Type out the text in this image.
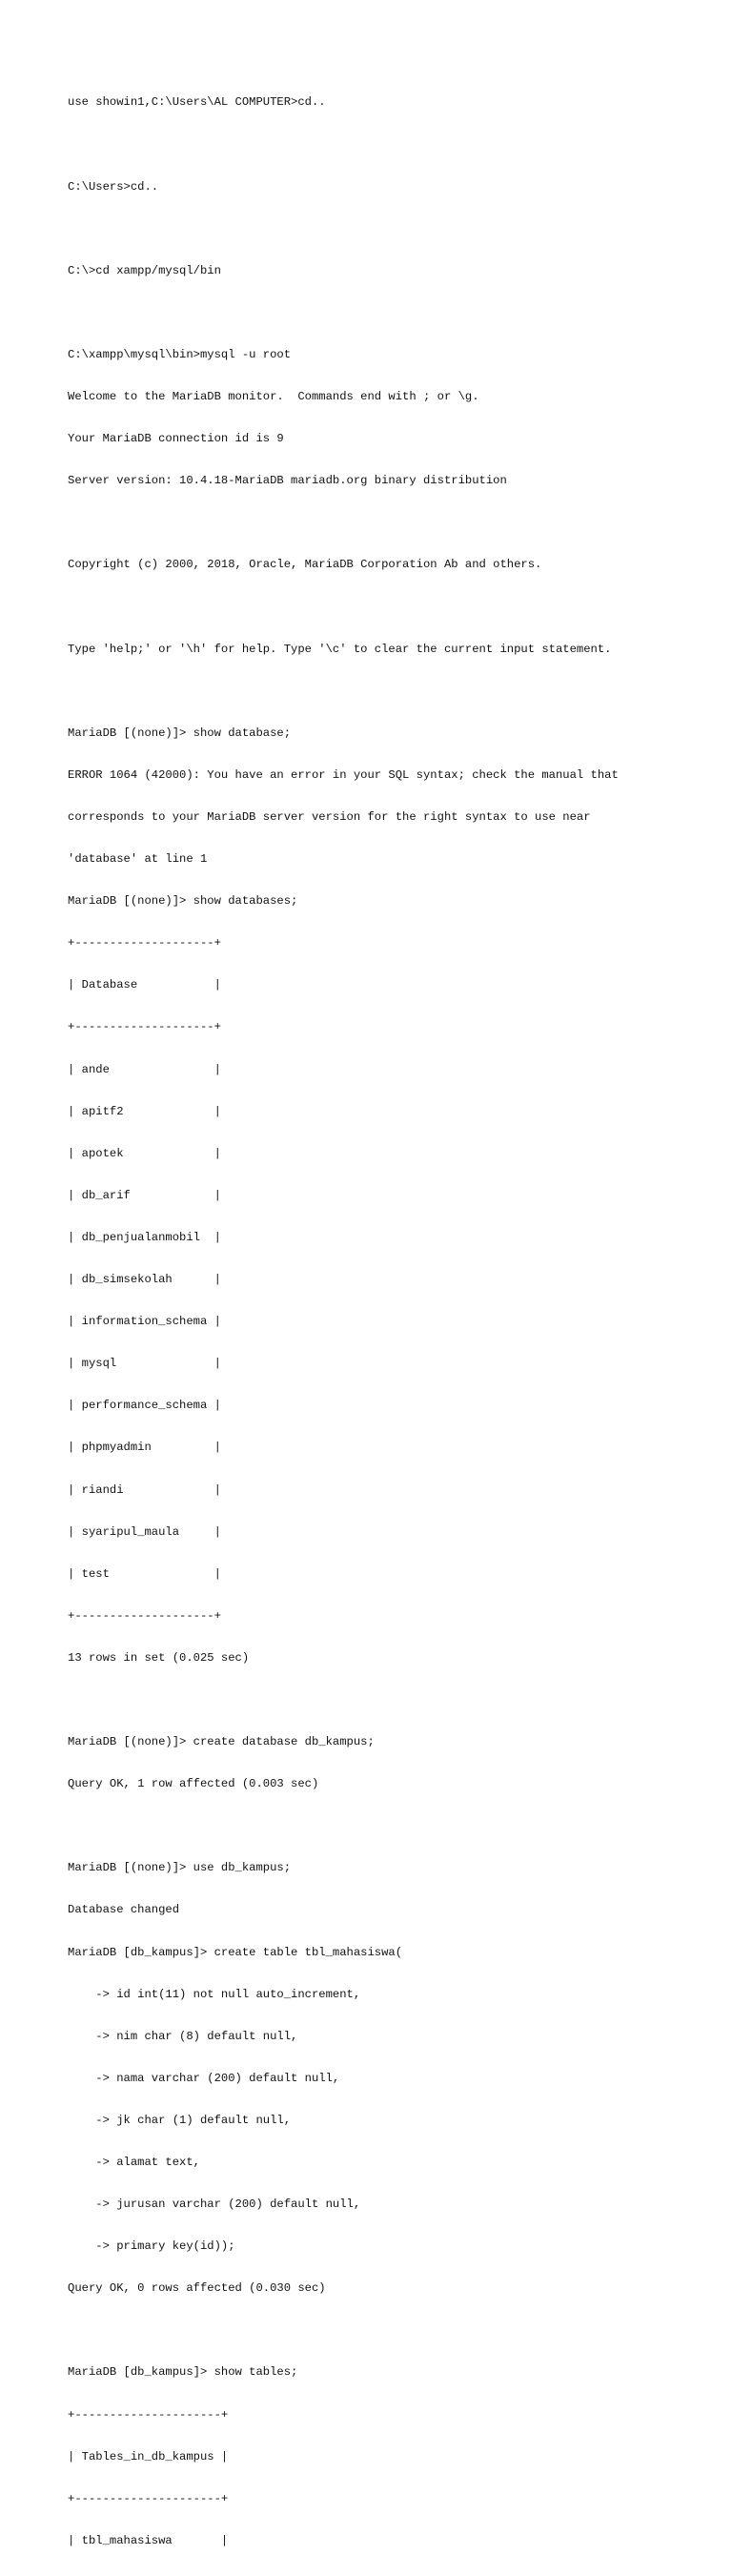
use showin1,C:\Users\AL COMPUTER>cd..

C:\Users>cd..

C:\>cd xampp/mysql/bin

C:\xampp\mysql\bin>mysql -u root

Welcome to the MariaDB monitor.  Commands end with ; or \g.

Your MariaDB connection id is 9

Server version: 10.4.18-MariaDB mariadb.org binary distribution

Copyright (c) 2000, 2018, Oracle, MariaDB Corporation Ab and others.

Type 'help;' or '\h' for help. Type '\c' to clear the current input statement.

MariaDB [(none)]> show database;

ERROR 1064 (42000): You have an error in your SQL syntax; check the manual that

corresponds to your MariaDB server version for the right syntax to use near

'database' at line 1

MariaDB [(none)]> show databases;

+--------------------+

| Database           |

+--------------------+

| ande               |

| apitf2             |

| apotek             |

| db_arif            |

| db_penjualanmobil  |

| db_simsekolah      |

| information_schema |

| mysql              |

| performance_schema |

| phpmyadmin         |

| riandi             |

| syaripul_maula     |

| test               |

+--------------------+

13 rows in set (0.025 sec)

MariaDB [(none)]> create database db_kampus;

Query OK, 1 row affected (0.003 sec)

MariaDB [(none)]> use db_kampus;

Database changed

MariaDB [db_kampus]> create table tbl_mahasiswa(

-> id int(11) not null auto_increment,

-> nim char (8) default null,

-> nama varchar (200) default null,

-> jk char (1) default null,

-> alamat text,

-> jurusan varchar (200) default null,

-> primary key(id));

Query OK, 0 rows affected (0.030 sec)

MariaDB [db_kampus]> show tables;

+---------------------+

| Tables_in_db_kampus |

+---------------------+

| tbl_mahasiswa       |
